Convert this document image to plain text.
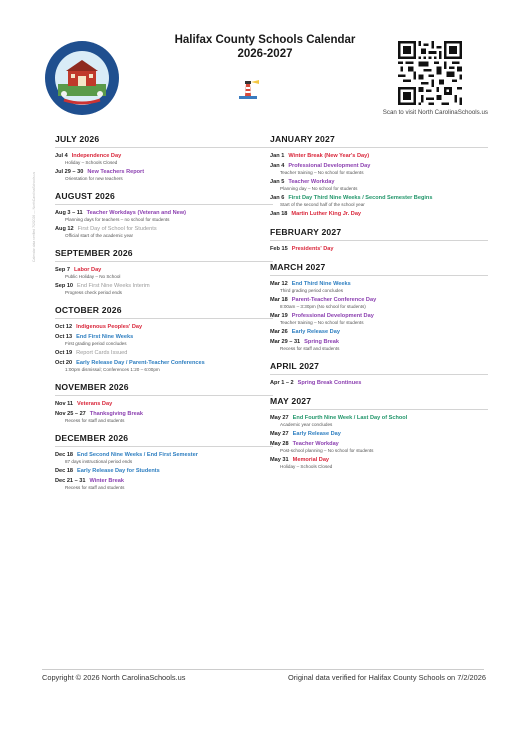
Halifax County Schools Calendar
2026-2027
Scan to visit North CarolinaSchools.us
Calendar data verified 7/2/2026 — NorthCarolinaSchools.us
JULY 2026
Jul 4 Independence Day
Holiday – Schools Closed
Jul 29 – 30 New Teachers Report
Orientation for new teachers
AUGUST 2026
Aug 3 – 11 Teacher Workdays (Veteran and New)
Planning days for teachers – no school for students
Aug 12 First Day of School for Students
Official start of the academic year
SEPTEMBER 2026
Sep 7 Labor Day
Public Holiday – No School
Sep 10 End First Nine Weeks Interim
Progress check period ends
OCTOBER 2026
Oct 12 Indigenous Peoples' Day
Oct 13 End First Nine Weeks
First grading period concludes
Oct 19 Report Cards Issued
Oct 20 Early Release Day / Parent-Teacher Conferences
1:00pm dismissal; Conferences 1:20 – 6:00pm
NOVEMBER 2026
Nov 11 Veterans Day
Nov 25 – 27 Thanksgiving Break
Recess for staff and students
DECEMBER 2026
Dec 18 End Second Nine Weeks / End First Semester
87 days instructional period ends
Dec 18 Early Release Day for Students
Dec 21 – 31 Winter Break
Recess for staff and students
JANUARY 2027
Jan 1 Winter Break (New Year's Day)
Jan 4 Professional Development Day
Teacher training – No school for students
Jan 5 Teacher Workday
Planning day – No school for students
Jan 6 First Day Third Nine Weeks / Second Semester Begins
Start of the second half of the school year
Jan 18 Martin Luther King Jr. Day
FEBRUARY 2027
Feb 15 Presidents' Day
MARCH 2027
Mar 12 End Third Nine Weeks
Third grading period concludes
Mar 18 Parent-Teacher Conference Day
8:00am – 3:30pm (No school for students)
Mar 19 Professional Development Day
Teacher training – No school for students
Mar 26 Early Release Day
Mar 29 – 31 Spring Break
Recess for staff and students
APRIL 2027
Apr 1 – 2 Spring Break Continues
MAY 2027
May 27 End Fourth Nine Week / Last Day of School
Academic year concludes
May 27 Early Release Day
May 28 Teacher Workday
Post-school planning – No school for students
May 31 Memorial Day
Holiday – Schools Closed
Copyright © 2026 North CarolinaSchools.us	Original data verified for Halifax County Schools on 7/2/2026
